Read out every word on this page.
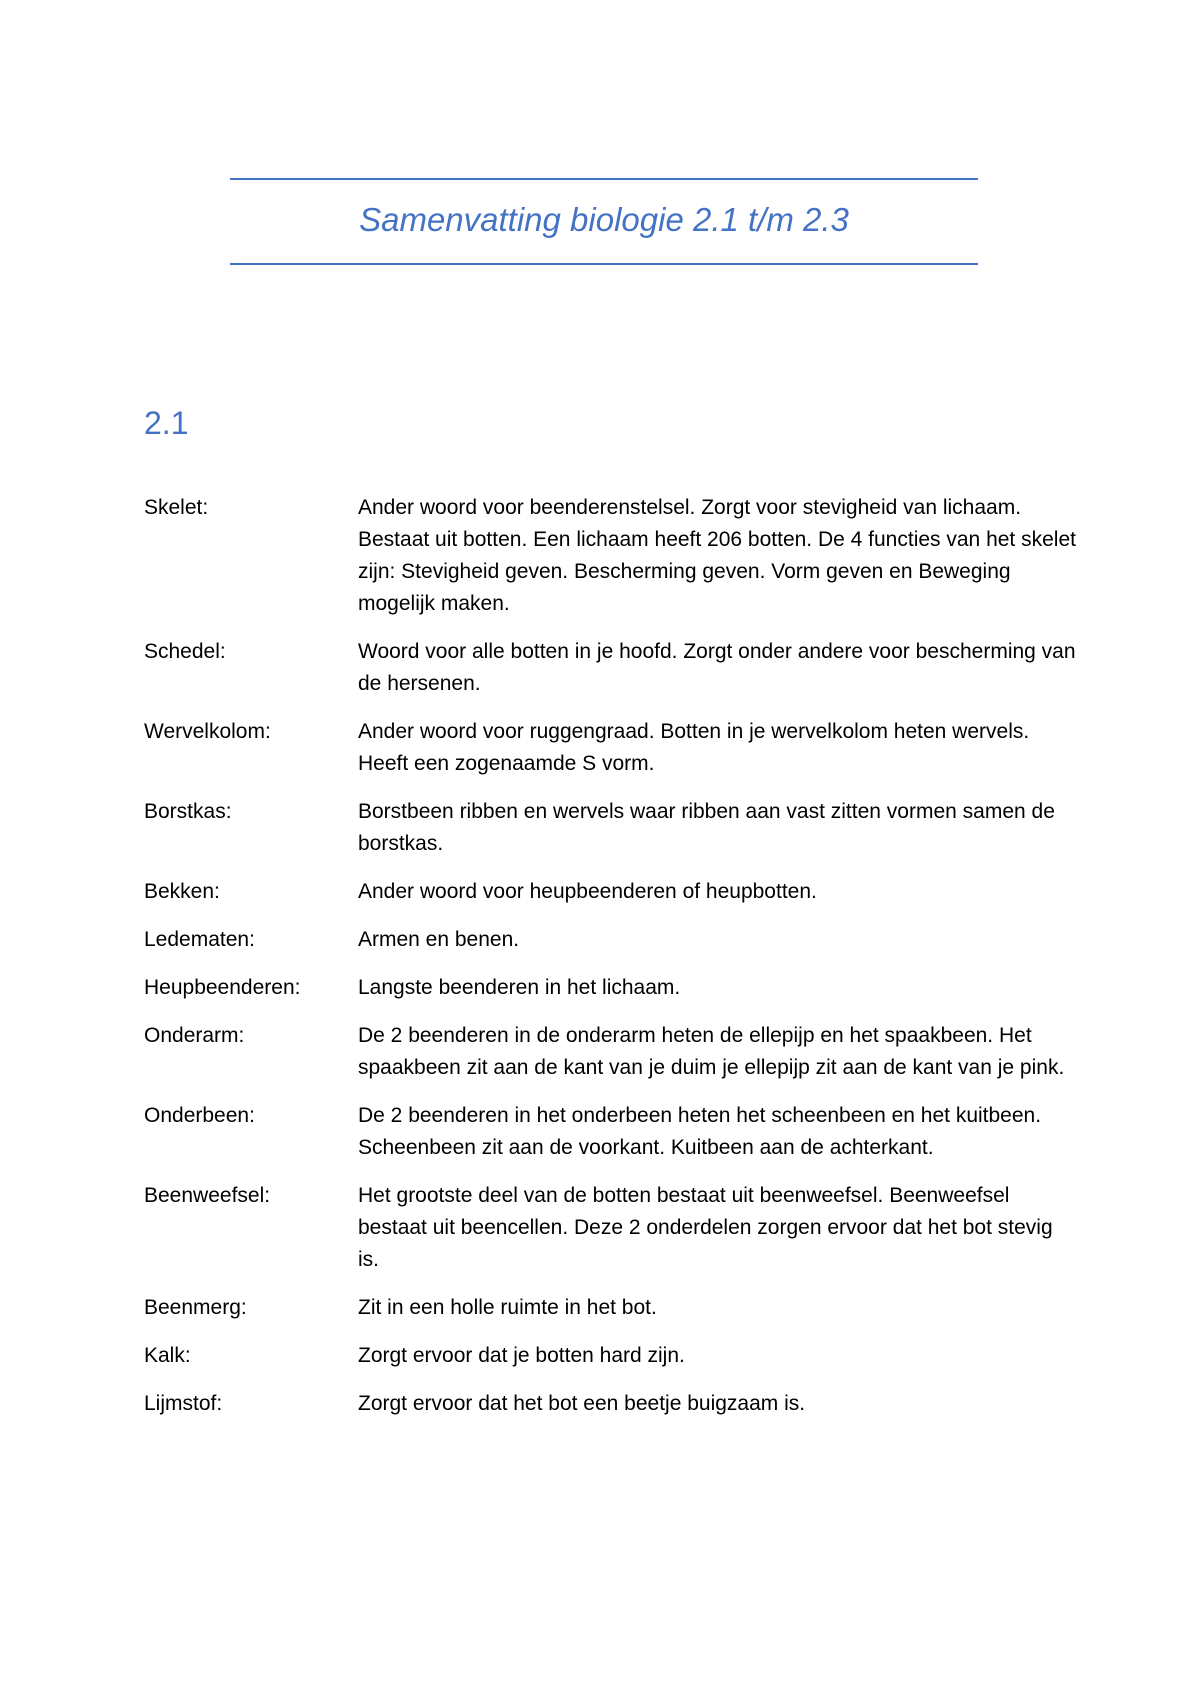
Samenvatting biologie 2.1 t/m 2.3
2.1
Skelet:	Ander woord voor beenderenstelsel. Zorgt voor stevigheid van lichaam. Bestaat uit botten. Een lichaam heeft 206 botten. De 4 functies van het skelet zijn: Stevigheid geven. Bescherming geven. Vorm geven en Beweging mogelijk maken.
Schedel:	Woord voor alle botten in je hoofd. Zorgt onder andere voor bescherming van de hersenen.
Wervelkolom:	Ander woord voor ruggengraad. Botten in je wervelkolom heten wervels. Heeft een zogenaamde S vorm.
Borstkas:	Borstbeen ribben en wervels waar ribben aan vast zitten vormen samen de borstkas.
Bekken:	Ander woord voor heupbeenderen of heupbotten.
Ledematen:	Armen en benen.
Heupbeenderen:	Langste beenderen in het lichaam.
Onderarm:	De 2 beenderen in de onderarm heten de ellepijp en het spaakbeen. Het spaakbeen zit aan de kant van je duim je ellepijp zit aan de kant van je pink.
Onderbeen:	De 2 beenderen in het onderbeen heten het scheenbeen en het kuitbeen. Scheenbeen zit aan de voorkant. Kuitbeen aan de achterkant.
Beenweefsel:	Het grootste deel van de botten bestaat uit beenweefsel. Beenweefsel bestaat uit beencellen. Deze 2 onderdelen zorgen ervoor dat het bot stevig is.
Beenmerg:	Zit in een holle ruimte in het bot.
Kalk:	Zorgt ervoor dat je botten hard zijn.
Lijmstof:	Zorgt ervoor dat het bot een beetje buigzaam is.
